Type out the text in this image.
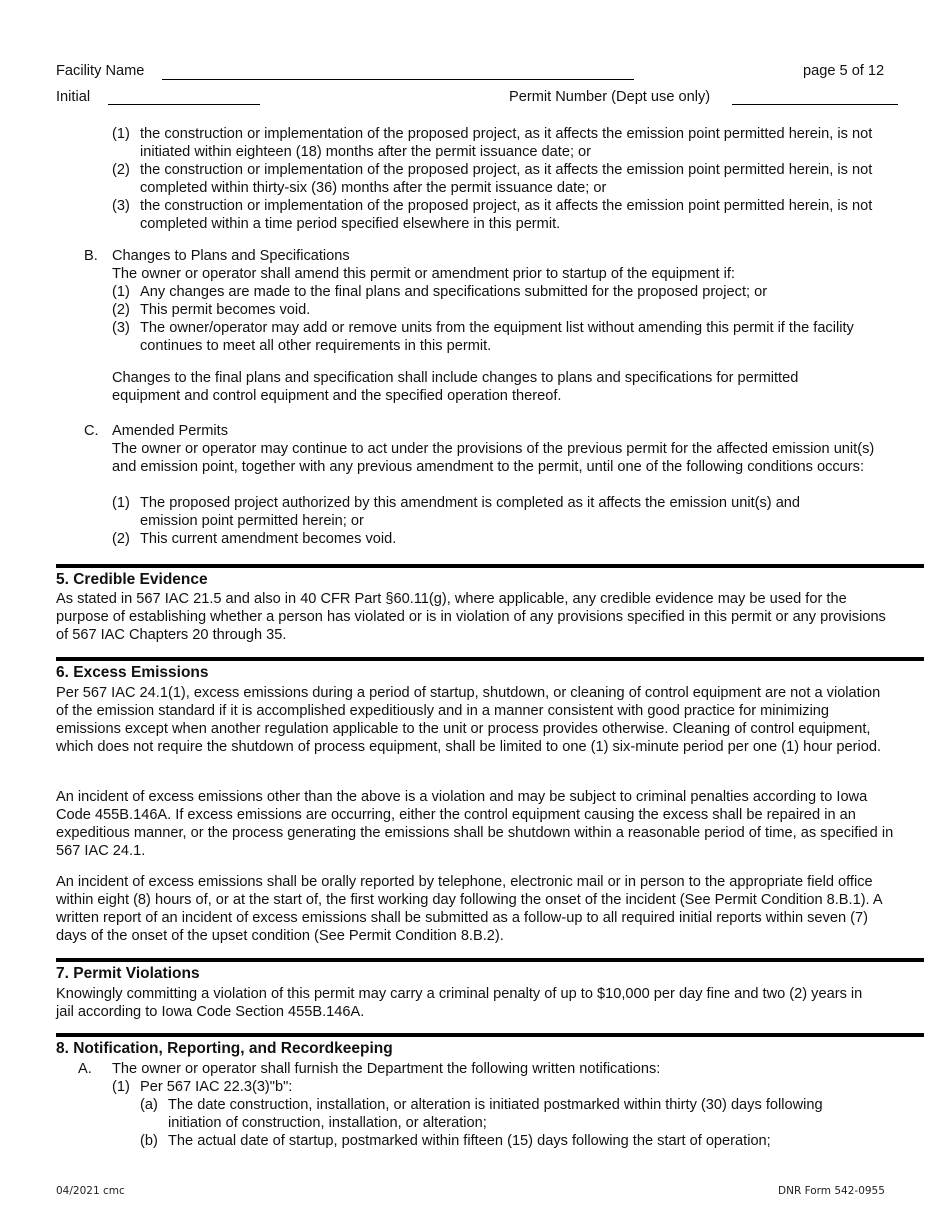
Facility Name	page 5 of 12
Initial	Permit Number (Dept use only)
(1) the construction or implementation of the proposed project, as it affects the emission point permitted herein, is not initiated within eighteen (18) months after the permit issuance date; or
(2) the construction or implementation of the proposed project, as it affects the emission point permitted herein, is not completed within thirty-six (36) months after the permit issuance date; or
(3) the construction or implementation of the proposed project, as it affects the emission point permitted herein, is not completed within a time period specified elsewhere in this permit.
B. Changes to Plans and Specifications
The owner or operator shall amend this permit or amendment prior to startup of the equipment if:
(1) Any changes are made to the final plans and specifications submitted for the proposed project; or
(2) This permit becomes void.
(3) The owner/operator may add or remove units from the equipment list without amending this permit if the facility continues to meet all other requirements in this permit.
Changes to the final plans and specification shall include changes to plans and specifications for permitted equipment and control equipment and the specified operation thereof.
C. Amended Permits
The owner or operator may continue to act under the provisions of the previous permit for the affected emission unit(s) and emission point, together with any previous amendment to the permit, until one of the following conditions occurs:
(1) The proposed project authorized by this amendment is completed as it affects the emission unit(s) and emission point permitted herein; or
(2) This current amendment becomes void.
5. Credible Evidence
As stated in 567 IAC 21.5 and also in 40 CFR Part §60.11(g), where applicable, any credible evidence may be used for the purpose of establishing whether a person has violated or is in violation of any provisions specified in this permit or any provisions of 567 IAC Chapters 20 through 35.
6. Excess Emissions
Per 567 IAC 24.1(1), excess emissions during a period of startup, shutdown, or cleaning of control equipment are not a violation of the emission standard if it is accomplished expeditiously and in a manner consistent with good practice for minimizing emissions except when another regulation applicable to the unit or process provides otherwise. Cleaning of control equipment, which does not require the shutdown of process equipment, shall be limited to one (1) six-minute period per one (1) hour period.
An incident of excess emissions other than the above is a violation and may be subject to criminal penalties according to Iowa Code 455B.146A. If excess emissions are occurring, either the control equipment causing the excess shall be repaired in an expeditious manner, or the process generating the emissions shall be shutdown within a reasonable period of time, as specified in 567 IAC 24.1.
An incident of excess emissions shall be orally reported by telephone, electronic mail or in person to the appropriate field office within eight (8) hours of, or at the start of, the first working day following the onset of the incident (See Permit Condition 8.B.1). A written report of an incident of excess emissions shall be submitted as a follow-up to all required initial reports within seven (7) days of the onset of the upset condition (See Permit Condition 8.B.2).
7. Permit Violations
Knowingly committing a violation of this permit may carry a criminal penalty of up to $10,000 per day fine and two (2) years in jail according to Iowa Code Section 455B.146A.
8. Notification, Reporting, and Recordkeeping
A. The owner or operator shall furnish the Department the following written notifications:
(1) Per 567 IAC 22.3(3)"b":
(a) The date construction, installation, or alteration is initiated postmarked within thirty (30) days following initiation of construction, installation, or alteration;
(b) The actual date of startup, postmarked within fifteen (15) days following the start of operation;
04/2021 cmc	DNR Form 542-0955
